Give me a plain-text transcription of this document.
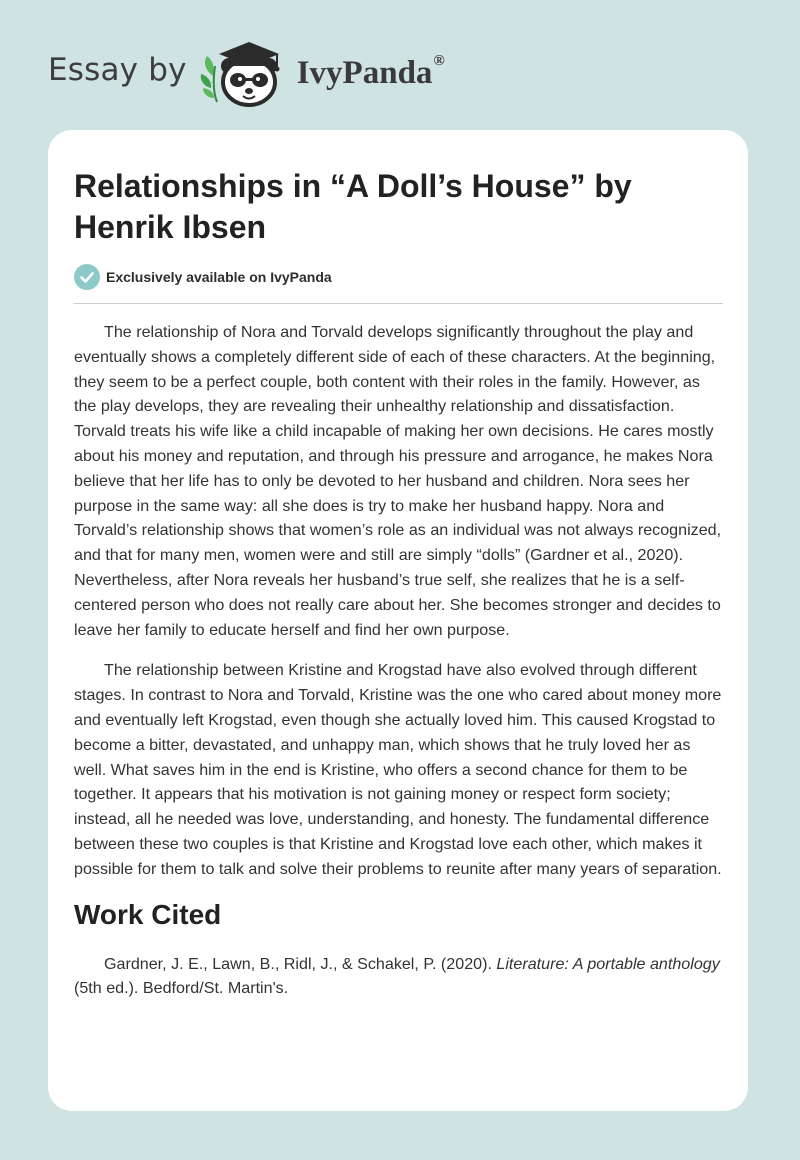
Essay by	IvyPanda®
Relationships in “A Doll’s House” by Henrik Ibsen
Exclusively available on IvyPanda

The relationship of Nora and Torvald develops significantly throughout the play and eventually shows a completely different side of each of these characters. At the beginning, they seem to be a perfect couple, both content with their roles in the family. However, as the play develops, they are revealing their unhealthy relationship and dissatisfaction. Torvald treats his wife like a child incapable of making her own decisions. He cares mostly about his money and reputation, and through his pressure and arrogance, he makes Nora believe that her life has to only be devoted to her husband and children. Nora sees her purpose in the same way: all she does is try to make her husband happy. Nora and Torvald’s relationship shows that women’s role as an individual was not always recognized, and that for many men, women were and still are simply “dolls” (Gardner et al., 2020). Nevertheless, after Nora reveals her husband’s true self, she realizes that he is a self-centered person who does not really care about her. She becomes stronger and decides to leave her family to educate herself and find her own purpose.

The relationship between Kristine and Krogstad have also evolved through different stages. In contrast to Nora and Torvald, Kristine was the one who cared about money more and eventually left Krogstad, even though she actually loved him. This caused Krogstad to become a bitter, devastated, and unhappy man, which shows that he truly loved her as well. What saves him in the end is Kristine, who offers a second chance for them to be together. It appears that his motivation is not gaining money or respect form society; instead, all he needed was love, understanding, and honesty. The fundamental difference between these two couples is that Kristine and Krogstad love each other, which makes it possible for them to talk and solve their problems to reunite after many years of separation.

Work Cited

Gardner, J. E., Lawn, B., Ridl, J., & Schakel, P. (2020). Literature: A portable anthology (5th ed.). Bedford/St. Martin's.
